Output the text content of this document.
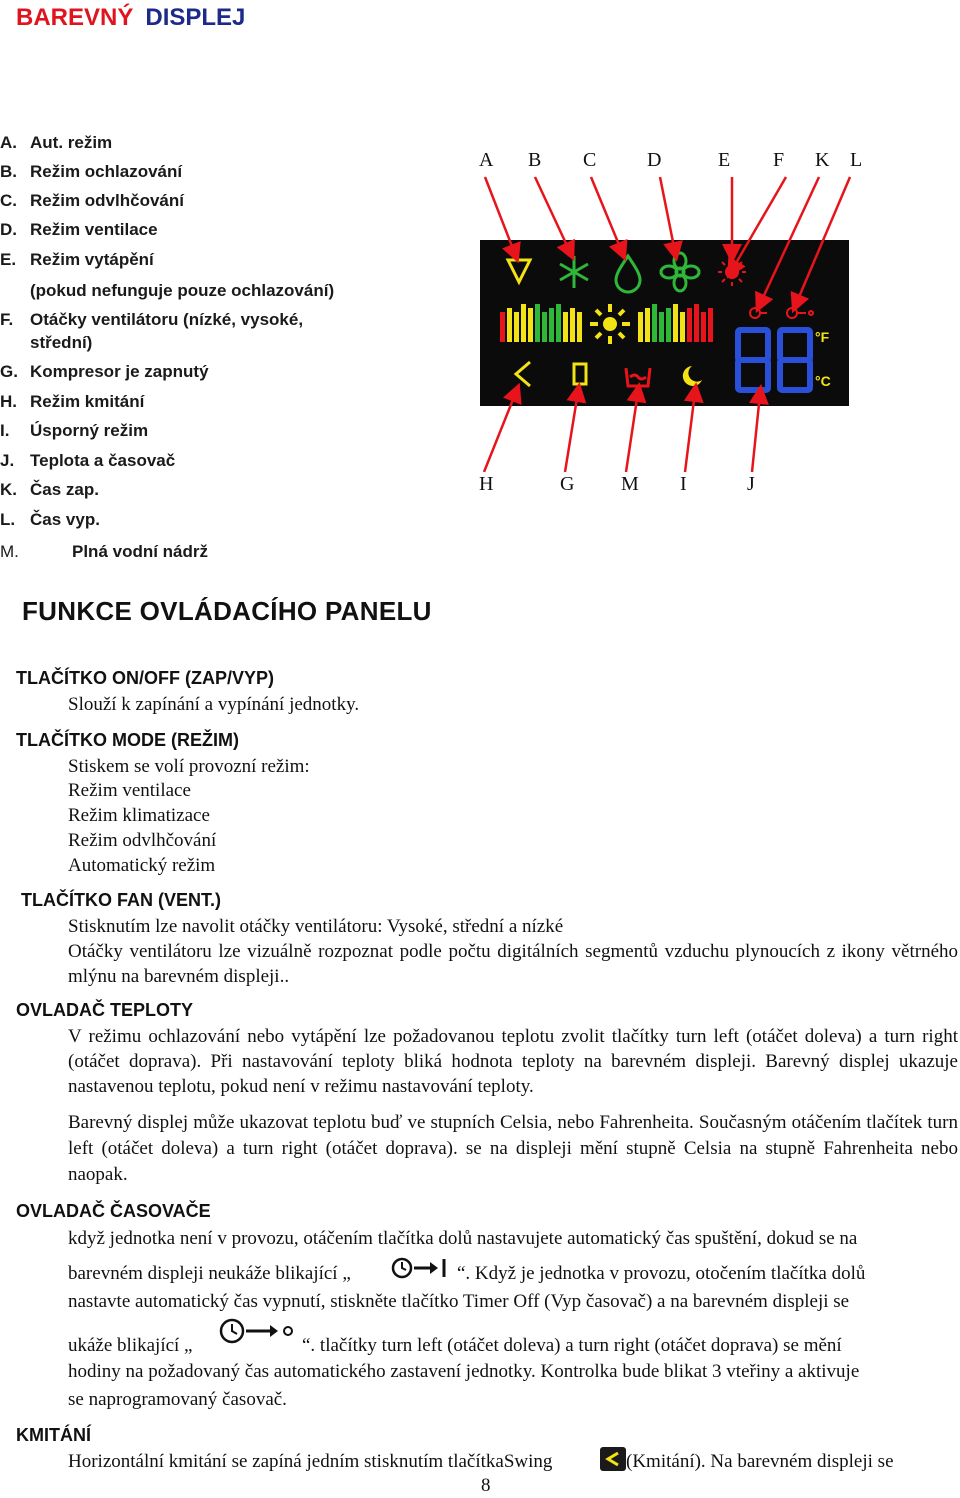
BAREVNÝ DISPLEJ
A. Aut. režim
B. Režim ochlazování
C. Režim odvlhčování
D. Režim ventilace
E. Režim vytápění
(pokud nefunguje pouze ochlazování)
F. Otáčky ventilátoru (nízké, vysoké,
střední)
G. Kompresor je zapnutý
H. Režim kmitání
I. Úsporný režim
J. Teplota a časovač
K. Čas zap.
L. Čas vyp.
M.	Plná vodní nádrž
A B C	D	E F K L
H	G M I	J
°F
°C
FUNKCE OVLÁDACÍHO PANELU
TLAČÍTKO ON/OFF (ZAP/VYP)
Slouží k zapínání a vypínání jednotky.
TLAČÍTKO MODE (REŽIM)
Stiskem se volí provozní režim:
Režim ventilace
Režim klimatizace
Režim odvlhčování
Automatický režim
TLAČÍTKO FAN (VENT.)
Stisknutím lze navolit otáčky ventilátoru: Vysoké, střední a nízké
Otáčky ventilátoru lze vizuálně rozpoznat podle počtu digitálních segmentů vzduchu plynoucích z ikony větrného mlýnu na barevném displeji..
OVLADAČ TEPLOTY
V režimu ochlazování nebo vytápění lze požadovanou teplotu zvolit tlačítky turn left (otáčet doleva) a turn right (otáčet doprava). Při nastavování teploty bliká hodnota teploty na barevném displeji. Barevný displej ukazuje nastavenou teplotu, pokud není v režimu nastavování teploty.
Barevný displej může ukazovat teplotu buď ve stupních Celsia, nebo Fahrenheita. Současným otáčením tlačítek turn left (otáčet doleva) a turn right (otáčet doprava). se na displeji mění stupně Celsia na stupně Fahrenheita nebo naopak.
OVLADAČ ČASOVAČE
když jednotka není v provozu, otáčením tlačítka dolů nastavujete automatický čas spuštění, dokud se na
barevném displeji neukáže blikající „	“. Když je jednotka v provozu, otočením tlačítka dolů
nastavte automatický čas vypnutí, stiskněte tlačítko Timer Off (Vyp časovač) a na barevném displeji se
ukáže blikající „	“. tlačítky turn left (otáčet doleva) a turn right (otáčet doprava) se mění
hodiny na požadovaný čas automatického zastavení jednotky. Kontrolka bude blikat 3 vteřiny a aktivuje
se naprogramovaný časovač.
KMITÁNÍ
Horizontální kmitání se zapíná jedním stisknutím tlačítkaSwing	(Kmitání). Na barevném displeji se
8
